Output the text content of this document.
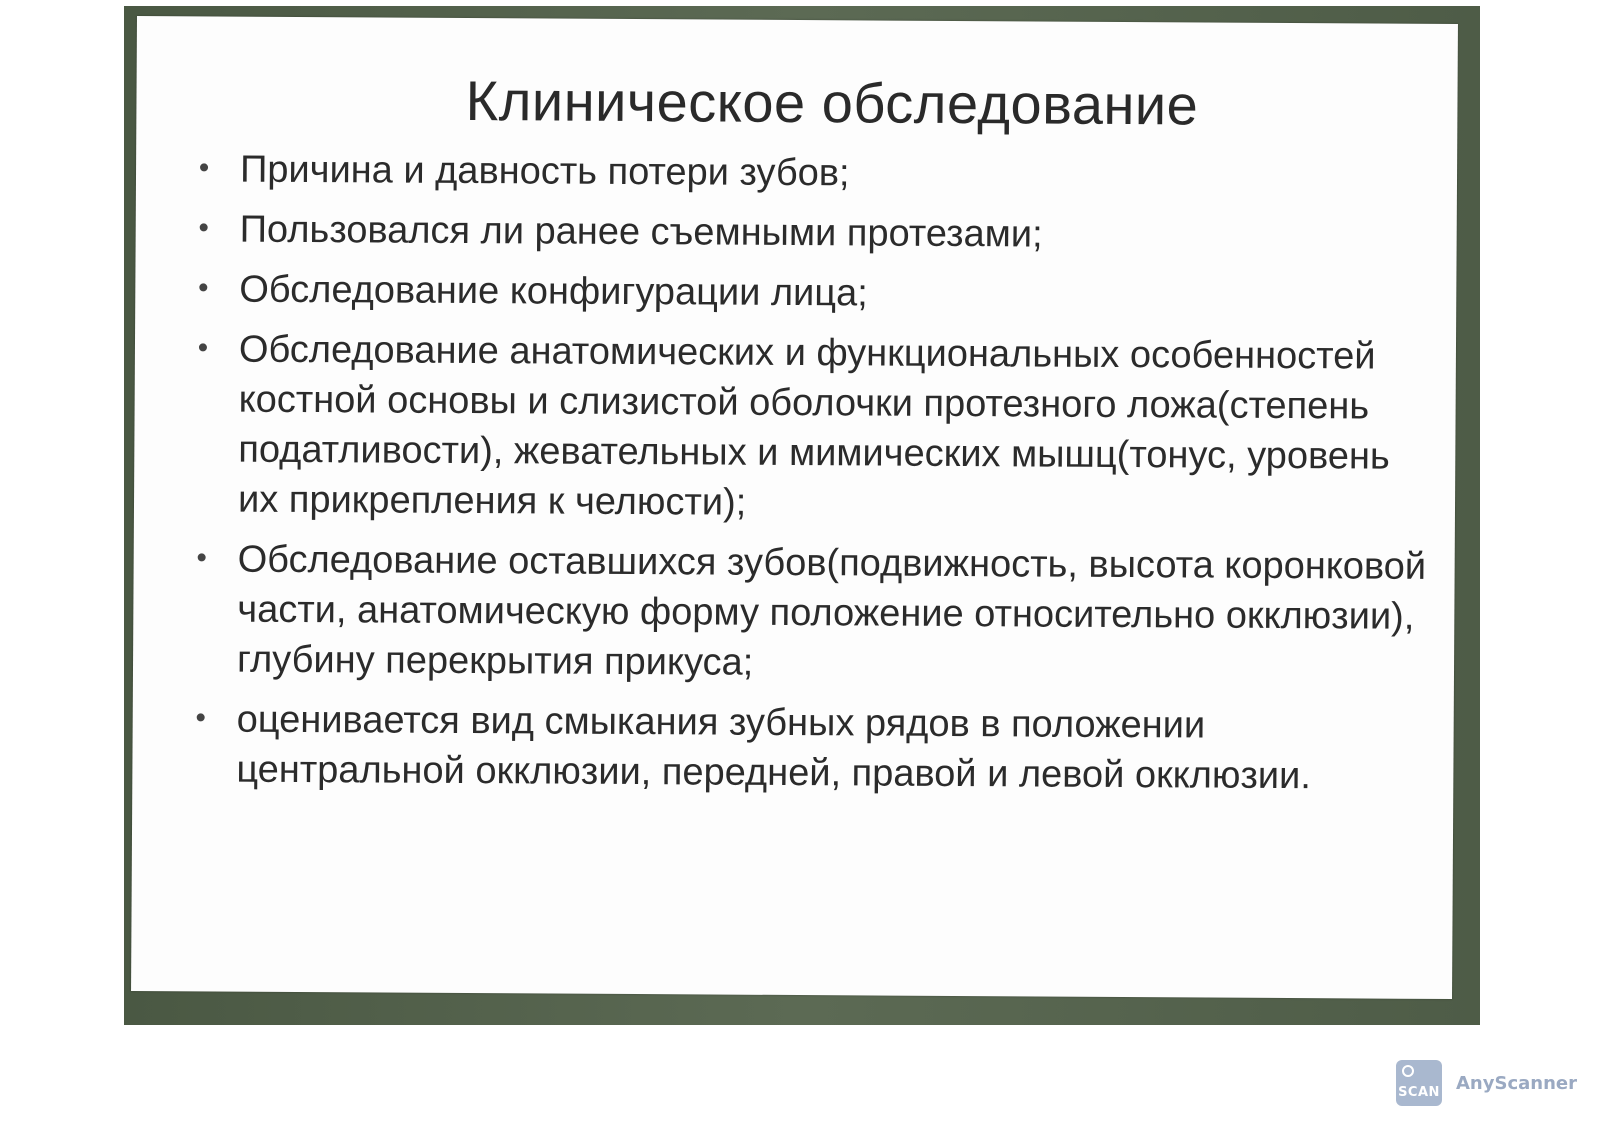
Клиническое обследование
Причина и давность потери зубов;
Пользовался ли ранее съемными протезами;
Обследование конфигурации лица;
Обследование анатомических и функциональных особенностей костной основы и слизистой оболочки протезного ложа(степень податливости), жевательных и мимических мышц(тонус, уровень их прикрепления к челюсти);
Обследование оставшихся зубов(подвижность, высота коронковой части, анатомическую форму положение относительно окклюзии), глубину перекрытия прикуса;
оценивается вид смыкания зубных рядов в положении центральной окклюзии, передней, правой и левой окклюзии.
SCAN AnyScanner
